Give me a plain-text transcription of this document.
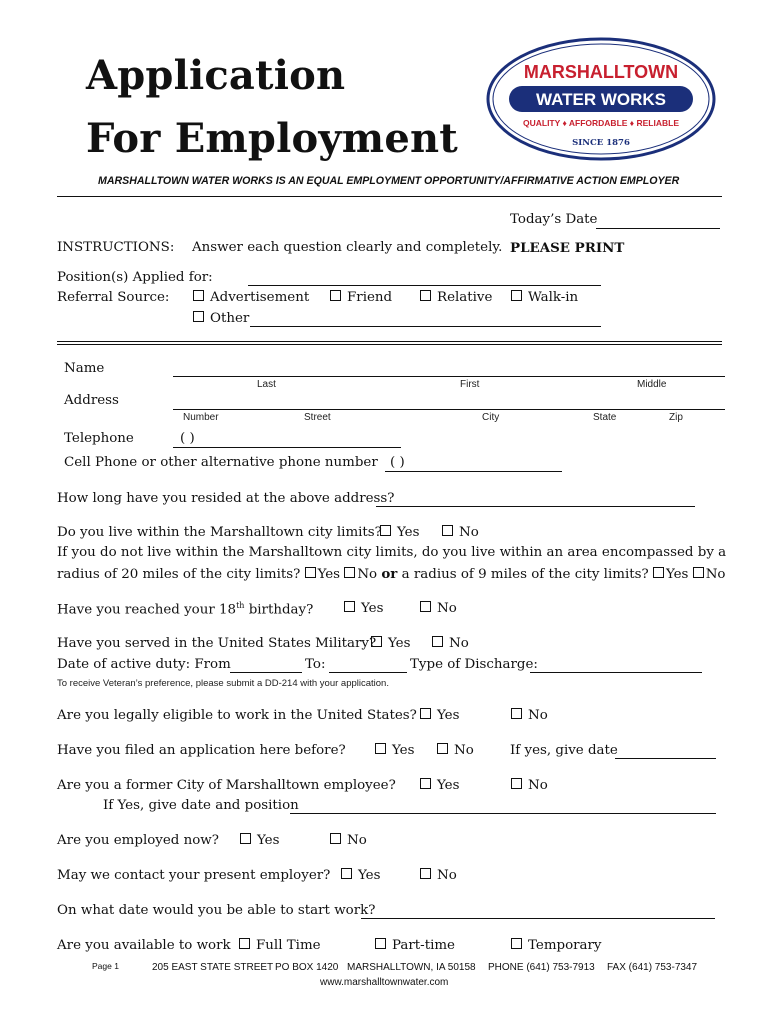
Application
For Employment
MARSHALLTOWN
WATER WORKS
QUALITY ♦ AFFORDABLE ♦ RELIABLE
SINCE 1876
MARSHALLTOWN WATER WORKS IS AN EQUAL EMPLOYMENT OPPORTUNITY/AFFIRMATIVE ACTION EMPLOYER
Today’s Date
INSTRUCTIONS: Answer each question clearly and completely. PLEASE PRINT
Position(s) Applied for:
Referral Source:	Advertisement	Friend	Relative	Walk-in
Other
Name
Last	First	Middle
Address
Number	Street	City	State	Zip
Telephone	( )
Cell Phone or other alternative phone number ( )
How long have you resided at the above address?
Do you live within the Marshalltown city limits?	Yes	No
If you do not live within the Marshalltown city limits, do you live within an area encompassed by a
radius of 20 miles of the city limits? Yes No or a radius of 9 miles of the city limits? Yes No
Have you reached your 18th birthday?	Yes	No
Have you served in the United States Military? Yes	No
Date of active duty: From	To:	Type of Discharge:
To receive Veteran’s preference, please submit a DD-214 with your application.
Are you legally eligible to work in the United States?	Yes	No
Have you filed an application here before?	Yes	No	If yes, give date
Are you a former City of Marshalltown employee?	Yes	No
If Yes, give date and position
Are you employed now?	Yes	No
May we contact your present employer?	Yes	No
On what date would you be able to start work?
Are you available to work	Full Time	Part-time	Temporary
Page 1	205 EAST STATE STREET PO BOX 1420 MARSHALLTOWN, IA 50158 PHONE (641) 753-7913 FAX (641) 753-7347
www.marshalltownwater.com
